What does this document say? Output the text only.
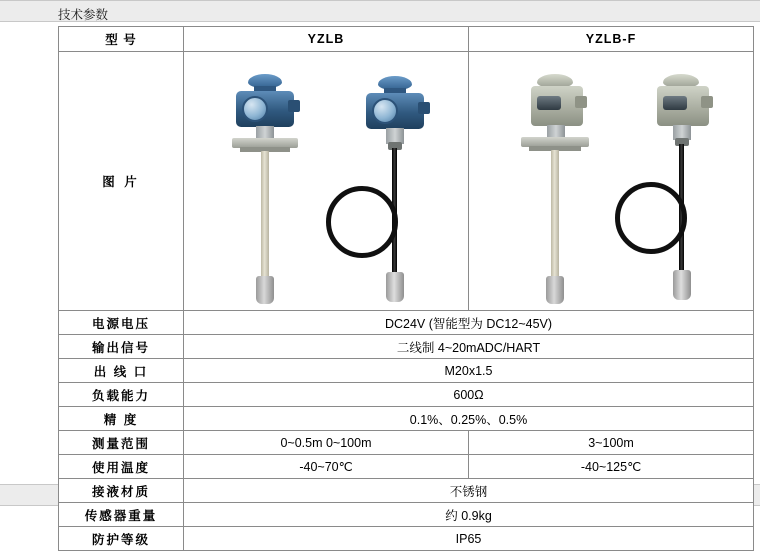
技术参数
型 号	YZLB	YZLB-F
图 片	

电源电压	DC24V (智能型为 DC12~45V)	
输出信号	二线制 4~20mADC/HART	
出 线 口	M20x1.5	
负载能力	600Ω	
精 度	0.1%、0.25%、0.5%	
测量范围	0~0.5m 0~100m	3~100m
使用温度	-40~70℃	-40~125℃
接液材质	不锈钢	
传感器重量	约 0.9kg	
防护等级	IP65	
